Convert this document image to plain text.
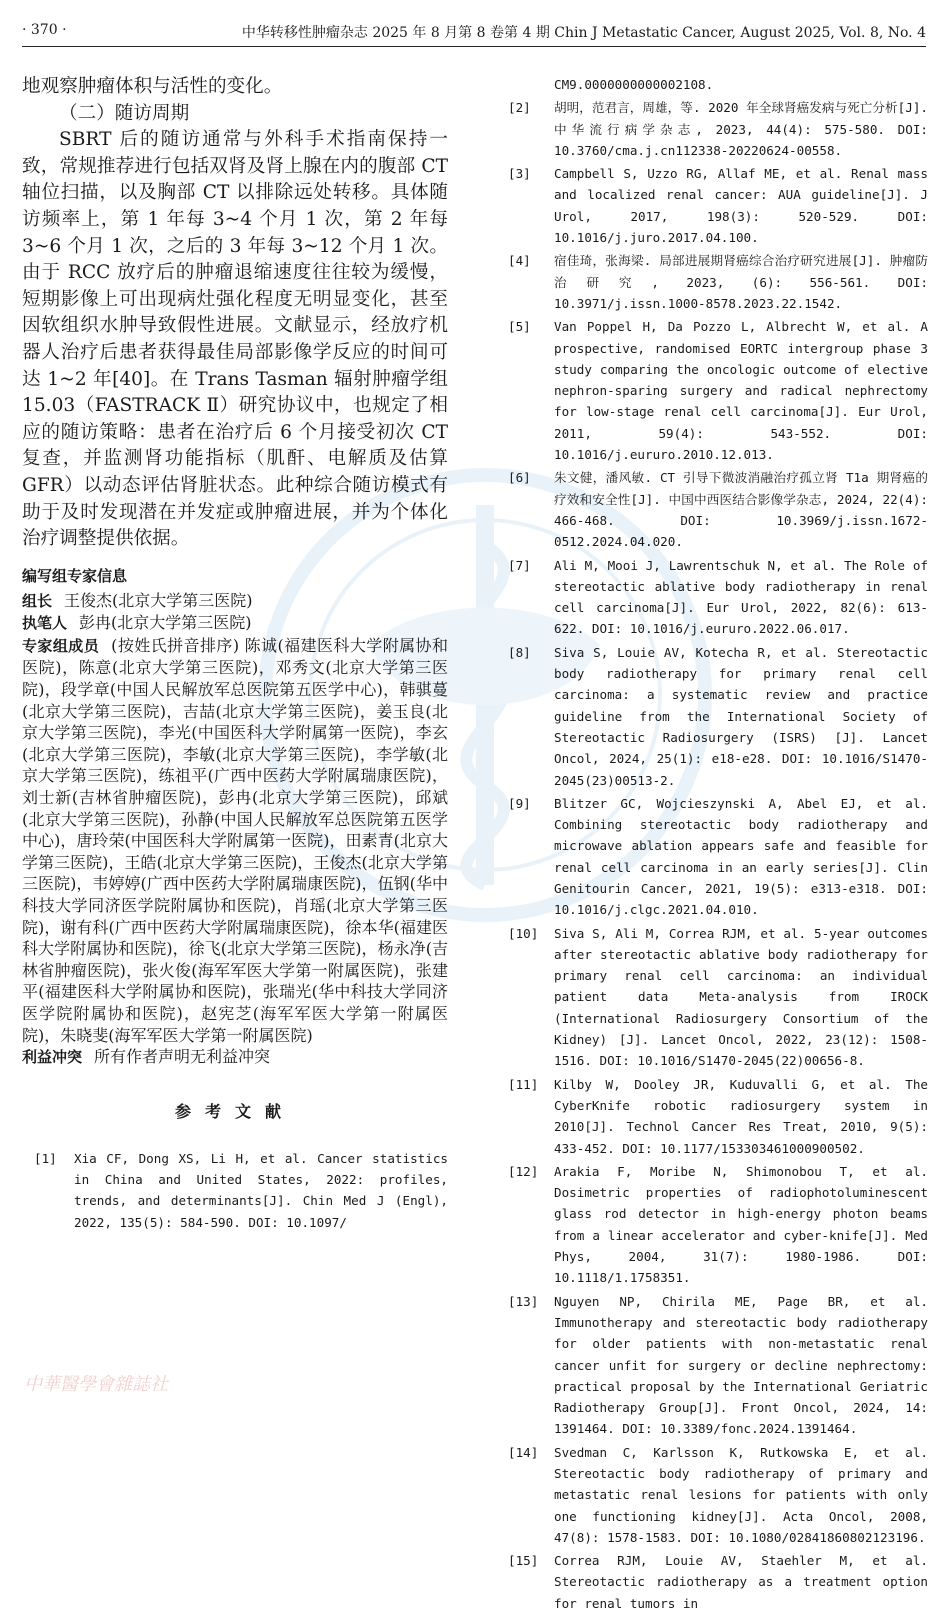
· 370 ·	中华转移性肿瘤杂志 2025 年 8 月第 8 卷第 4 期 Chin J Metastatic Cancer, August 2025, Vol. 8, No. 4

地观察肿瘤体积与活性的变化。

（二）随访周期

SBRT 后的随访通常与外科手术指南保持一致，常规推荐进行包括双肾及肾上腺在内的腹部 CT 轴位扫描，以及胸部 CT 以排除远处转移。具体随访频率上，第 1 年每 3~4 个月 1 次，第 2 年每 3~6 个月 1 次，之后的 3 年每 3~12 个月 1 次。由于 RCC 放疗后的肿瘤退缩速度往往较为缓慢，短期影像上可出现病灶强化程度无明显变化，甚至因软组织水肿导致假性进展。文献显示，经放疗机器人治疗后患者获得最佳局部影像学反应的时间可达 1~2 年[40]。在 Trans Tasman 辐射肿瘤学组 15.03（FASTRACK Ⅱ）研究协议中，也规定了相应的随访策略：患者在治疗后 6 个月接受初次 CT 复查，并监测肾功能指标（肌酐、电解质及估算 GFR）以动态评估肾脏状态。此种综合随访模式有助于及时发现潜在并发症或肿瘤进展，并为个体化治疗调整提供依据。

编写组专家信息

组长 王俊杰(北京大学第三医院)

执笔人 彭冉(北京大学第三医院)

专家组成员 (按姓氏拼音排序) 陈诚(福建医科大学附属协和医院)，陈意(北京大学第三医院)，邓秀文(北京大学第三医院)，段学章(中国人民解放军总医院第五医学中心)，韩骐蔓(北京大学第三医院)，吉喆(北京大学第三医院)，姜玉良(北京大学第三医院)，李光(中国医科大学附属第一医院)，李玄(北京大学第三医院)，李敏(北京大学第三医院)，李学敏(北京大学第三医院)，练祖平(广西中医药大学附属瑞康医院)，刘士新(吉林省肿瘤医院)，彭冉(北京大学第三医院)，邱斌(北京大学第三医院)，孙静(中国人民解放军总医院第五医学中心)，唐玲荣(中国医科大学附属第一医院)，田素青(北京大学第三医院)，王皓(北京大学第三医院)，王俊杰(北京大学第三医院)，韦婷婷(广西中医药大学附属瑞康医院)，伍钢(华中科技大学同济医学院附属协和医院)，肖瑶(北京大学第三医院)，谢有科(广西中医药大学附属瑞康医院)，徐本华(福建医科大学附属协和医院)，徐飞(北京大学第三医院)，杨永净(吉林省肿瘤医院)，张火俊(海军军医大学第一附属医院)，张建平(福建医科大学附属协和医院)，张瑞光(华中科技大学同济医学院附属协和医院)，赵宪芝(海军军医大学第一附属医院)，朱晓斐(海军军医大学第一附属医院)

利益冲突 所有作者声明无利益冲突

参考文献
[1]	Xia CF, Dong XS, Li H, et al. Cancer statistics in China and United States, 2022: profiles, trends, and determinants[J]. Chin Med J (Engl), 2022, 135(5): 584-590. DOI: 10.1097/
CM9.0000000000002108.
[2]	胡明，范君言，周雄，等. 2020 年全球肾癌发病与死亡分析[J]. 中华流行病学杂志, 2023, 44(4): 575-580. DOI: 10.3760/cma.j.cn112338-20220624-00558.
[3]	Campbell S, Uzzo RG, Allaf ME, et al. Renal mass and localized renal cancer: AUA guideline[J]. J Urol, 2017, 198(3): 520-529. DOI: 10.1016/j.juro.2017.04.100.
[4]	宿佳琦，张海梁. 局部进展期肾癌综合治疗研究进展[J]. 肿瘤防治研究, 2023, (6): 556-561. DOI: 10.3971/j.issn.1000-8578.2023.22.1542.
[5]	Van Poppel H, Da Pozzo L, Albrecht W, et al. A prospective, randomised EORTC intergroup phase 3 study comparing the oncologic outcome of elective nephron-sparing surgery and radical nephrectomy for low-stage renal cell carcinoma[J]. Eur Urol, 2011, 59(4): 543-552. DOI: 10.1016/j.eururo.2010.12.013.
[6]	朱文健，潘风敏. CT 引导下微波消融治疗孤立肾 T1a 期肾癌的疗效和安全性[J]. 中国中西医结合影像学杂志, 2024, 22(4): 466-468. DOI: 10.3969/j.issn.1672-0512.2024.04.020.
[7]	Ali M, Mooi J, Lawrentschuk N, et al. The Role of stereotactic ablative body radiotherapy in renal cell carcinoma[J]. Eur Urol, 2022, 82(6): 613-622. DOI: 10.1016/j.eururo.2022.06.017.
[8]	Siva S, Louie AV, Kotecha R, et al. Stereotactic body radiotherapy for primary renal cell carcinoma: a systematic review and practice guideline from the International Society of Stereotactic Radiosurgery (ISRS) [J]. Lancet Oncol, 2024, 25(1): e18-e28. DOI: 10.1016/S1470-2045(23)00513-2.
[9]	Blitzer GC, Wojcieszynski A, Abel EJ, et al. Combining stereotactic body radiotherapy and microwave ablation appears safe and feasible for renal cell carcinoma in an early series[J]. Clin Genitourin Cancer, 2021, 19(5): e313-e318. DOI: 10.1016/j.clgc.2021.04.010.
[10]	Siva S, Ali M, Correa RJM, et al. 5-year outcomes after stereotactic ablative body radiotherapy for primary renal cell carcinoma: an individual patient data Meta-analysis from IROCK (International Radiosurgery Consortium of the Kidney) [J]. Lancet Oncol, 2022, 23(12): 1508-1516. DOI: 10.1016/S1470-2045(22)00656-8.
[11]	Kilby W, Dooley JR, Kuduvalli G, et al. The CyberKnife robotic radiosurgery system in 2010[J]. Technol Cancer Res Treat, 2010, 9(5): 433-452. DOI: 10.1177/153303461000900502.
[12]	Arakia F, Moribe N, Shimonobou T, et al. Dosimetric properties of radiophotoluminescent glass rod detector in high-energy photon beams from a linear accelerator and cyber-knife[J]. Med Phys, 2004, 31(7): 1980-1986. DOI: 10.1118/1.1758351.
[13]	Nguyen NP, Chirila ME, Page BR, et al. Immunotherapy and stereotactic body radiotherapy for older patients with non-metastatic renal cancer unfit for surgery or decline nephrectomy: practical proposal by the International Geriatric Radiotherapy Group[J]. Front Oncol, 2024, 14: 1391464. DOI: 10.3389/fonc.2024.1391464.
[14]	Svedman C, Karlsson K, Rutkowska E, et al. Stereotactic body radiotherapy of primary and metastatic renal lesions for patients with only one functioning kidney[J]. Acta Oncol, 2008, 47(8): 1578-1583. DOI: 10.1080/02841860802123196.
[15]	Correa RJM, Louie AV, Staehler M, et al. Stereotactic radiotherapy as a treatment option for renal tumors in
中華醫學會雜誌社
